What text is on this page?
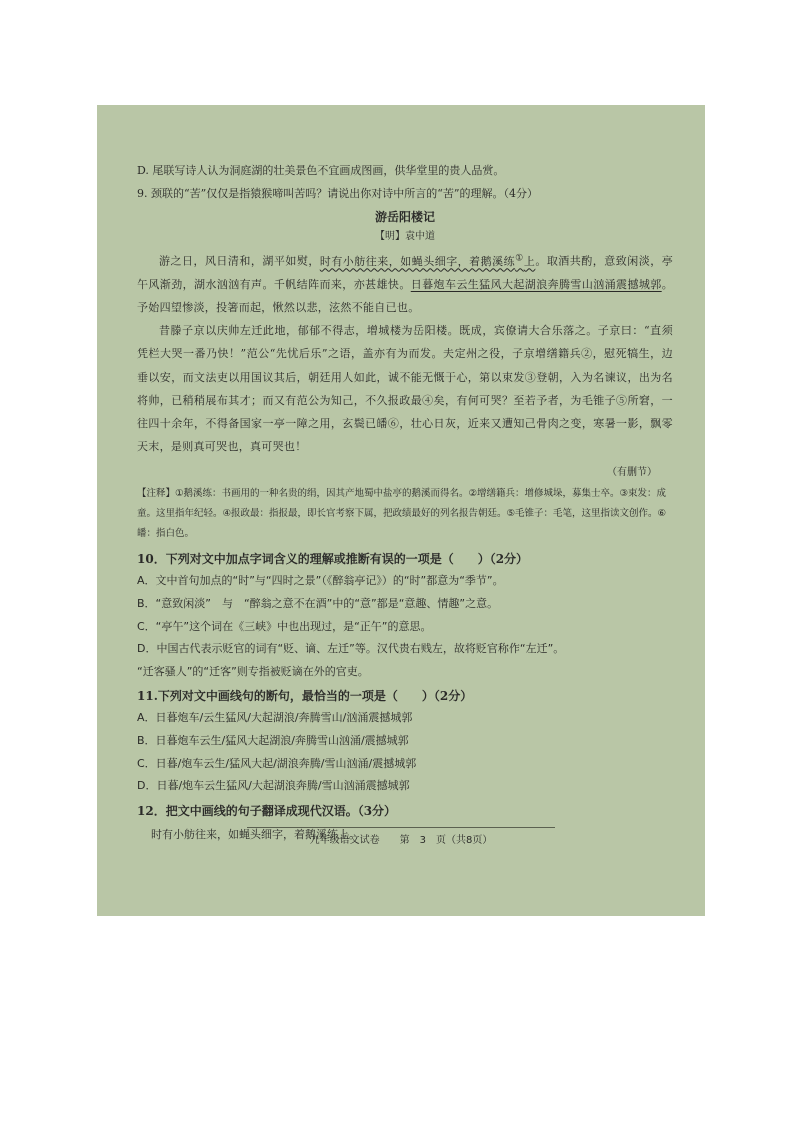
D. 尾联写诗人认为洞庭湖的壮美景色不宜画成图画，供华堂里的贵人品赏。

9. 颈联的“苦”仅仅是指猿猴啼叫苦吗？请说出你对诗中所言的“苦”的理解。（4分）

游岳阳楼记
【明】袁中道

游之日，风日清和，湖平如熨，时有小舫往来，如蝇头细字，着鹅溪练①上。取酒共酌，意致闲淡，亭午风渐劲，湖水汹汹有声。千帆结阵而来，亦甚雄快。日暮炮车云生猛风大起湖浪奔腾雪山汹涌震撼城郭。予始四望惨淡，投箸而起，愀然以悲，泫然不能自已也。

昔滕子京以庆帅左迁此地，郁郁不得志，增城楼为岳阳楼。既成，宾僚请大合乐落之。子京曰：“直须凭栏大哭一番乃快！”范公“先忧后乐”之语，盖亦有为而发。夫定州之役，子京增缮籍兵②，慰死犒生，边垂以安，而文法吏以用国议其后，朝廷用人如此，诚不能无慨于心，第以束发③登朝，入为名谏议，出为名将帅，已稍稍展布其才；而又有范公为知己，不久报政最④矣，有何可哭？至若予者，为毛锥子⑤所窘，一往四十余年，不得备国家一亭一障之用，玄鬓已皤⑥，壮心日灰，近来又遭知己骨肉之变，寒暑一影，飘零天末，是则真可哭也，真可哭也！

（有删节）

【注释】①鹅溪练：书画用的一种名贵的绢，因其产地蜀中盐亭的鹅溪而得名。②增缮籍兵：增修城垛，募集士卒。③束发：成童。这里指年纪轻。④报政最：指报最，即长官考察下属，把政绩最好的列名报告朝廷。⑤毛锥子：毛笔，这里指读文创作。⑥皤：指白色。

10．下列对文中加点字词含义的理解或推断有误的一项是（　　）（2分）

A．文中首句加点的“时”与“四时之景”（《醉翁亭记》）的“时”都意为“季节”。

B．“意致闲淡”　与　“醉翁之意不在酒”中的“意”都是“意趣、情趣”之意。

C．“亭午”这个词在《三峡》中也出现过，是“正午”的意思。

D．中国古代表示贬官的词有“贬、谪、左迁”等。汉代贵右贱左，故将贬官称作“左迁”。

“迁客骚人”的“迁客”则专指被贬谪在外的官吏。

11.下列对文中画线句的断句，最恰当的一项是（　　）（2分）

A．日暮炮车/云生猛风/大起湖浪/奔腾雪山/汹涌震撼城郭

B．日暮炮车云生/猛风大起湖浪/奔腾雪山汹涌/震撼城郭

C．日暮/炮车云生/猛风大起/湖浪奔腾/雪山汹涌/震撼城郭

D．日暮/炮车云生猛风/大起湖浪奔腾/雪山汹涌震撼城郭

12．把文中画线的句子翻译成现代汉语。（3分）

时有小舫往来，如蝇头细字，着鹅溪练上。

九年级语文试卷　　第　3　页（共8页）
